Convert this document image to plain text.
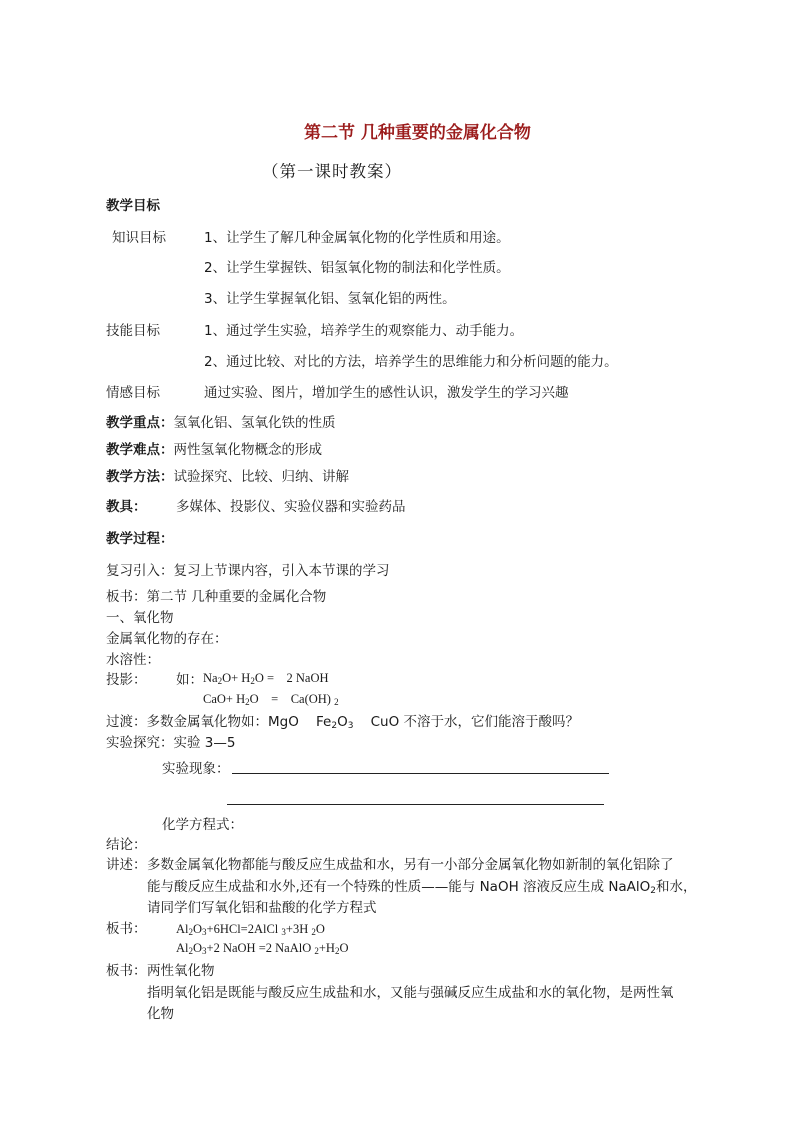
第二节 几种重要的金属化合物
（第一课时教案）
教学目标
知识目标	1、让学生了解几种金属氧化物的化学性质和用途。
2、让学生掌握铁、铝氢氧化物的制法和化学性质。
3、让学生掌握氧化铝、氢氧化铝的两性。
技能目标	1、通过学生实验，培养学生的观察能力、动手能力。
2、通过比较、对比的方法，培养学生的思维能力和分析问题的能力。
情感目标	通过实验、图片，增加学生的感性认识，激发学生的学习兴趣
教学重点：氢氧化铝、氢氧化铁的性质
教学难点：两性氢氧化物概念的形成
教学方法：试验探究、比较、归纳、讲解
教具： 多媒体、投影仪、实验仪器和实验药品
教学过程：
复习引入：复习上节课内容，引入本节课的学习
板书：第二节 几种重要的金属化合物
一、氧化物
金属氧化物的存在：
水溶性：
投影： 如： $Na_2O+ H_2O$ =    2 NaOH
$CaO+ H_2O$    =    Ca(OH) $_2$
过渡：多数金属氧化物如：MgO    $Fe_2O_3$    CuO 不溶于水，它们能溶于酸吗？
实验探究：实验 3—5
实验现象：
化学方程式：
结论：
讲述： 多数金属氧化物都能与酸反应生成盐和水，另有一小部分金属氧化物如新制的氧化铝除了
能与酸反应生成盐和水外,还有一个特殊的性质——能与 NaOH 溶液反应生成 NaAlO$_2$和水，
请同学们写氧化铝和盐酸的化学方程式
板书： $Al_2O_3+6HCl=2AlCl$ $_3$+3H $_2$O
$Al_2O_3+2$ NaOH =2 NaAlO $_2+H_2O$
板书： 两性氧化物
指明氧化铝是既能与酸反应生成盐和水，又能与强碱反应生成盐和水的氧化物，是两性氧
化物
